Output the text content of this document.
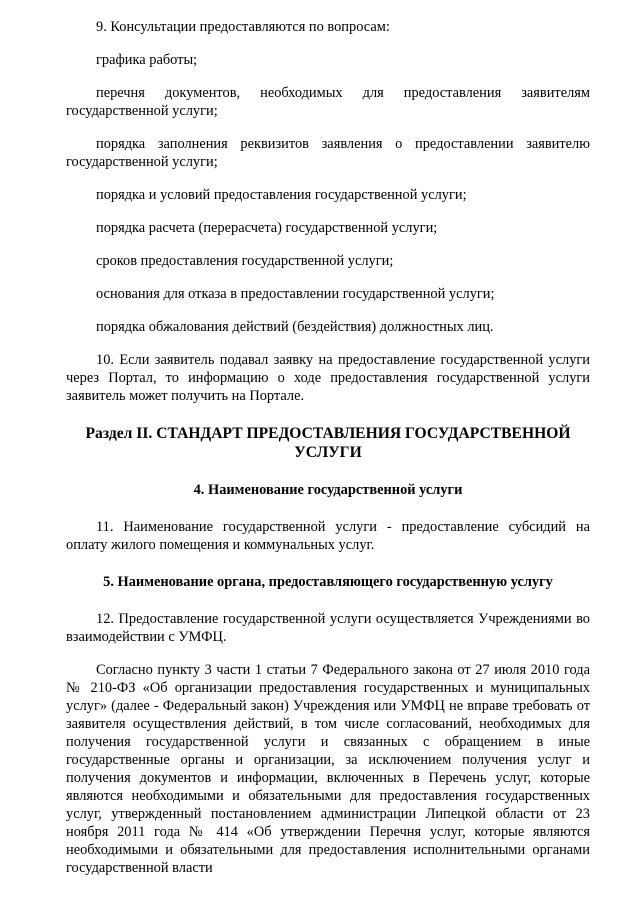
9. Консультации предоставляются по вопросам:

графика работы;

перечня документов, необходимых для предоставления заявителям государственной услуги;

порядка заполнения реквизитов заявления о предоставлении заявителю государственной услуги;

порядка и условий предоставления государственной услуги;

порядка расчета (перерасчета) государственной услуги;

сроков предоставления государственной услуги;

основания для отказа в предоставлении государственной услуги;

порядка обжалования действий (бездействия) должностных лиц.

10. Если заявитель подавал заявку на предоставление государственной услуги через Портал, то информацию о ходе предоставления государственной услуги заявитель может получить на Портале.

Раздел II. СТАНДАРТ ПРЕДОСТАВЛЕНИЯ ГОСУДАРСТВЕННОЙ УСЛУГИ
4. Наименование государственной услуги

11. Наименование государственной услуги - предоставление субсидий на оплату жилого помещения и коммунальных услуг.

5. Наименование органа, предоставляющего государственную услугу

12. Предоставление государственной услуги осуществляется Учреждениями во взаимодействии с УМФЦ.

Согласно пункту 3 части 1 статьи 7 Федерального закона от 27 июля 2010 года № 210-ФЗ «Об организации предоставления государственных и муниципальных услуг» (далее - Федеральный закон) Учреждения или УМФЦ не вправе требовать от заявителя осуществления действий, в том числе согласований, необходимых для получения государственной услуги и связанных с обращением в иные государственные органы и организации, за исключением получения услуг и получения документов и информации, включенных в Перечень услуг, которые являются необходимыми и обязательными для предоставления государственных услуг, утвержденный постановлением администрации Липецкой области от 23 ноября 2011 года № 414 «Об утверждении Перечня услуг, которые являются необходимыми и обязательными для предоставления исполнительными органами государственной власти
